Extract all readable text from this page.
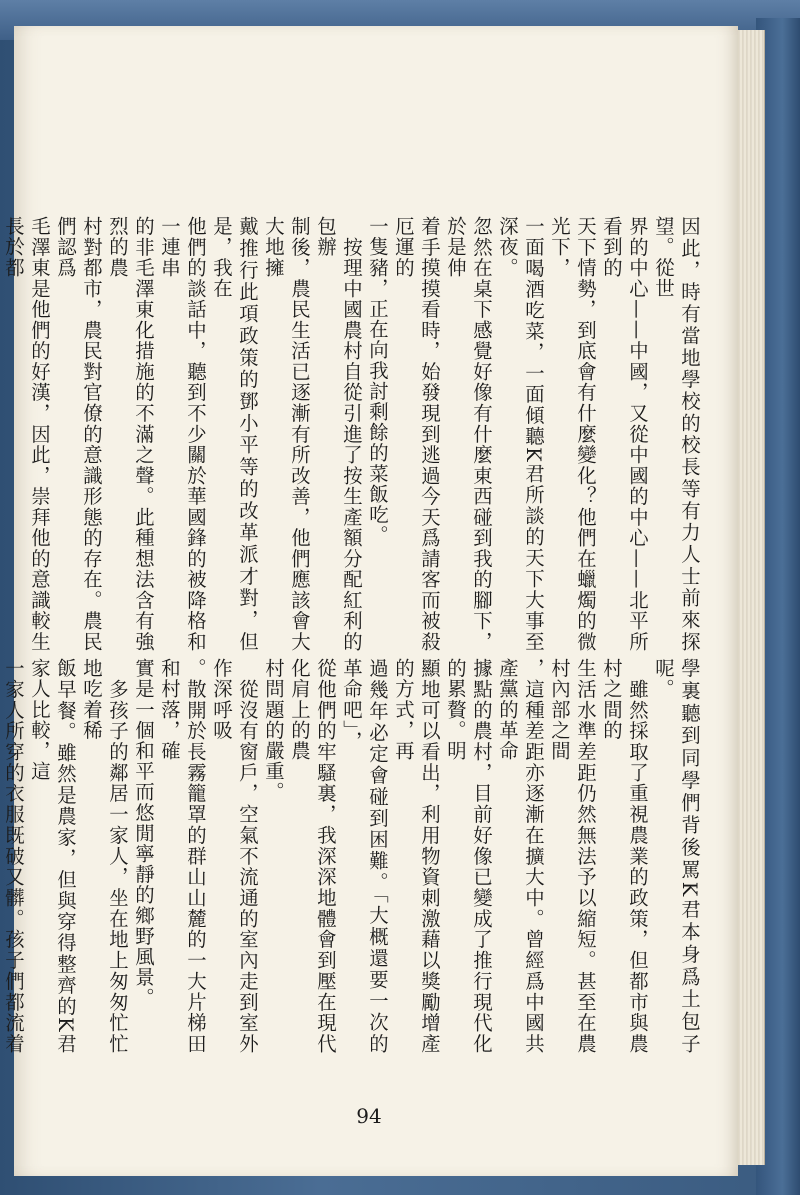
因此，時有當地學校的校長等有力人士前來探望。從世
界的中心——中國，又從中國的中心——北平所看到的
天下情勢，到底會有什麼變化？他們在蠟燭的微光下，
一面喝酒吃菜，一面傾聽K君所談的天下大事至深夜。
忽然在桌下感覺好像有什麼東西碰到我的腳下，於是伸
着手摸摸看時，始發現到逃過今天爲請客而被殺厄運的
一隻豬，正在向我討剩餘的菜飯吃。
　按理中國農村自從引進了按生產額分配紅利的包辦
制後，農民生活已逐漸有所改善，他們應該會大大地擁
戴推行此項政策的鄧小平等的改革派才對，但是，我在
他們的談話中，聽到不少關於華國鋒的被降格和一連串
的非毛澤東化措施的不滿之聲。此種想法含有強烈的農
村對都市，農民對官僚的意識形態的存在。農民們認爲
毛澤東是他們的好漢，因此，崇拜他的意識較生長於都

學裏聽到同學們背後罵K君本身爲土包子呢。
　雖然採取了重視農業的政策，但都市與農村之間的
生活水準差距仍然無法予以縮短。甚至在農村內部之間
，這種差距亦逐漸在擴大中。曾經爲中國共產黨的革命
據點的農村，目前好像已變成了推行現代化的累贅。明
顯地可以看出，利用物資刺激藉以獎勵增產的方式，再
過幾年必定會碰到困難。「大概還要一次的革命吧」，
從他們的牢騷裏，我深深地體會到壓在現代化肩上的農
村問題的嚴重。
　從沒有窗戶，空氣不流通的室內走到室外作深呼吸
。散開於長霧籠罩的群山山麓的一大片梯田和村落，確
實是一個和平而悠閒寧靜的鄉野風景。
　多孩子的鄰居一家人，坐在地上匆匆忙忙地吃着稀
飯早餐。雖然是農家，但與穿得整齊的K君家人比較，這
一家人所穿的衣服既破又髒。孩子們都流着

94
